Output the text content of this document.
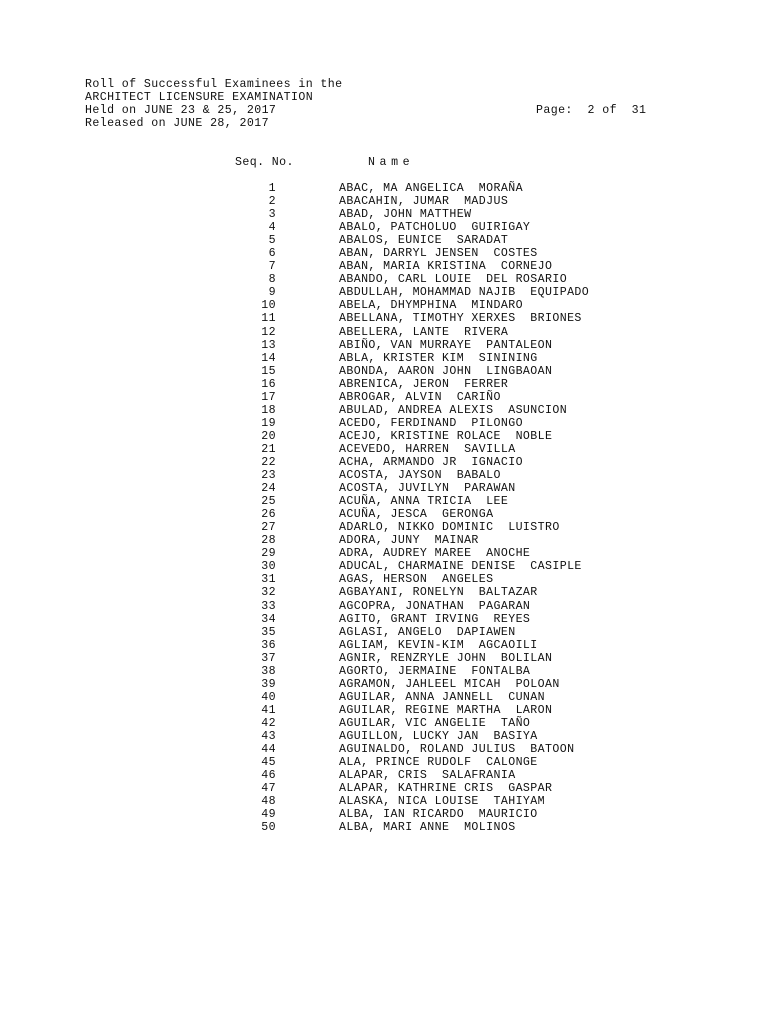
Roll of Successful Examinees in the
ARCHITECT LICENSURE EXAMINATION
Held on JUNE 23 & 25, 2017
Released on JUNE 28, 2017
Page:  2 of  31
Seq. No.	Name
1	ABAC, MA ANGELICA  MORAÑA
2	ABACAHIN, JUMAR  MADJUS
3	ABAD, JOHN MATTHEW
4	ABALO, PATCHOLUO  GUIRIGAY
5	ABALOS, EUNICE  SARADAT
6	ABAN, DARRYL JENSEN  COSTES
7	ABAN, MARIA KRISTINA  CORNEJO
8	ABANDO, CARL LOUIE  DEL ROSARIO
9	ABDULLAH, MOHAMMAD NAJIB  EQUIPADO
10	ABELA, DHYMPHINA  MINDARO
11	ABELLANA, TIMOTHY XERXES  BRIONES
12	ABELLERA, LANTE  RIVERA
13	ABIÑO, VAN MURRAYE  PANTALEON
14	ABLA, KRISTER KIM  SININING
15	ABONDA, AARON JOHN  LINGBAOAN
16	ABRENICA, JERON  FERRER
17	ABROGAR, ALVIN  CARIÑO
18	ABULAD, ANDREA ALEXIS  ASUNCION
19	ACEDO, FERDINAND  PILONGO
20	ACEJO, KRISTINE ROLACE  NOBLE
21	ACEVEDO, HARREN  SAVILLA
22	ACHA, ARMANDO JR  IGNACIO
23	ACOSTA, JAYSON  BABALO
24	ACOSTA, JUVILYN  PARAWAN
25	ACUÑA, ANNA TRICIA  LEE
26	ACUÑA, JESCA  GERONGA
27	ADARLO, NIKKO DOMINIC  LUISTRO
28	ADORA, JUNY  MAINAR
29	ADRA, AUDREY MAREE  ANOCHE
30	ADUCAL, CHARMAINE DENISE  CASIPLE
31	AGAS, HERSON  ANGELES
32	AGBAYANI, RONELYN  BALTAZAR
33	AGCOPRA, JONATHAN  PAGARAN
34	AGITO, GRANT IRVING  REYES
35	AGLASI, ANGELO  DAPIAWEN
36	AGLIAM, KEVIN-KIM  AGCAOILI
37	AGNIR, RENZRYLE JOHN  BOLILAN
38	AGORTO, JERMAINE  FONTALBA
39	AGRAMON, JAHLEEL MICAH  POLOAN
40	AGUILAR, ANNA JANNELL  CUNAN
41	AGUILAR, REGINE MARTHA  LARON
42	AGUILAR, VIC ANGELIE  TAÑO
43	AGUILLON, LUCKY JAN  BASIYA
44	AGUINALDO, ROLAND JULIUS  BATOON
45	ALA, PRINCE RUDOLF  CALONGE
46	ALAPAR, CRIS  SALAFRANIA
47	ALAPAR, KATHRINE CRIS  GASPAR
48	ALASKA, NICA LOUISE  TAHIYAM
49	ALBA, IAN RICARDO  MAURICIO
50	ALBA, MARI ANNE  MOLINOS
